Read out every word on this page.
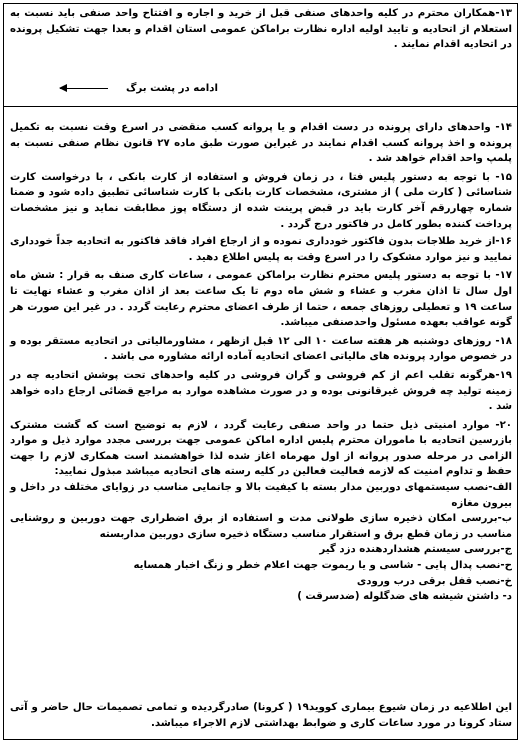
۱۳-همکاران محترم در کلیه واحدهای صنفی قبل از خرید و اجاره و افتتاح واحد صنفی باید نسبت به استعلام از اتحادیه و تایید اولیه اداره نظارت براماکن عمومی استان اقدام و بعدا جهت تشکیل پرونده در اتحادیه اقدام نمایند .

ادامه در پشت برگ

۱۴- واحدهای دارای پرونده در دست اقدام و یا پروانه کسب منقضی در اسرع وقت نسبت به تکمیل پرونده و اخذ پروانه کسب اقدام نمایند در غیراین صورت طبق ماده ۲۷ قانون نظام صنفی نسبت به پلمپ واحد اقدام خواهد شد .

۱۵- با توجه به دستور پلیس فتا ، در زمان فروش و استفاده از کارت بانکی ، با درخواست کارت شناسائی ( کارت ملی ) از مشتری، مشخصات کارت بانکی با کارت شناسائی تطبیق داده شود و ضمنا شماره چهاررقم آخر کارت باید در قبض پرینت شده از دستگاه پوز مطابقت نماید و نیز مشخصات پرداخت کننده بطور کامل در فاکتور درج گردد .

۱۶-از خرید طلاجات بدون فاکتور خودداری نموده و از ارجاع افراد فاقد فاکتور به اتحادیه جداً خودداری نمایید و نیز موارد مشکوک را در اسرع وقت به پلیس اطلاع دهید .

۱۷- با توجه به دستور پلیس محترم نظارت براماکن عمومی ، ساعات کاری صنف به قرار : شش ماه اول سال تا اذان مغرب و عشاء و شش ماه دوم تا یک ساعت بعد از اذان مغرب و عشاء نهایت تا ساعت ۱۹ و تعطیلی روزهای جمعه ، حتما از طرف اعضای محترم رعایت گردد . در غیر این صورت هر گونه عواقب بعهده مسئول واحدصنفی میباشد.

۱۸- روزهای دوشنبه هر هفته ساعت ۱۰ الی ۱۲ قبل ازظهر ، مشاورمالیاتی در اتحادیه مستقر بوده و در خصوص موارد پرونده های مالیاتی اعضای اتحادیه آماده ارائه مشاوره می باشد .

۱۹-هرگونه تقلب اعم از کم فروشی و گران فروشی در کلیه واحدهای تحت پوشش اتحادیه چه در زمینه تولید چه فروش غیرقانونی بوده و در صورت مشاهده موارد به مراجع قضائی ارجاع داده خواهد شد .

۲۰- موارد امنیتی ذیل حتما در واحد صنفی رعایت گردد ، لازم به توضیح است که گشت مشترک بازرسین اتحادیه با ماموران محترم پلیس اداره اماکن عمومی جهت بررسی مجدد موارد ذیل و موارد الزامی در مرحله صدور پروانه از اول مهرماه اغاز شده لذا خواهشمند است همکاری لازم را جهت حفظ و تداوم امنیت که لازمه فعالیت فعالین در کلیه رسته های اتحادیه میباشد مبذول نمایید:

الف-نصب سیستمهای دوربین مدار بسته با کیفیت بالا و جانمایی مناسب در زوایای مختلف در داخل و بیرون مغازه

ب-بررسی امکان ذخیره سازی طولانی مدت و استفاده از برق اضطراری جهت دوربین و روشنایی مناسب در زمان قطع برق و استقرار مناسب دستگاه ذخیره سازی دوربین مداربسته

ج-بررسی سیستم هشداردهنده دزد گیر

ح-نصب پدال پایی - شاسی و یا ریموت جهت اعلام خطر و زنگ اخبار همسایه

خ-نصب قفل برقی درب ورودی

د- داشتن شیشه های ضدگلوله (ضدسرقت )

این اطلاعیه در زمان شیوع بیماری کووید۱۹ ( کرونا) صادرگردیده و تمامی تصمیمات حال حاضر و آتی ستاد کرونا در مورد ساعات کاری و ضوابط بهداشتی لازم الاجراء میباشد.
